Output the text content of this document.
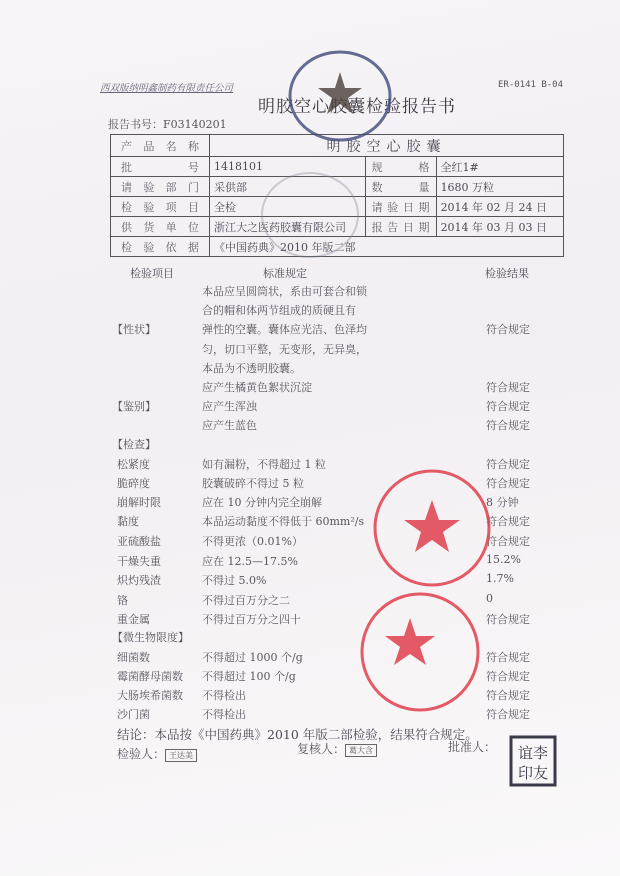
西双版纳明鑫制药有限责任公司	ER-0141 B-04
明胶空心胶囊检验报告书
报告书号：F03140201
产品名称	明胶空心胶囊		
批号	1418101	规格	全红1#
请验部门	采供部	数量	1680 万粒
检验项目	全检	请验日期	2014 年 02 月 24 日
供货单位	浙江大之医药胶囊有限公司	报告日期	2014 年 03 月 03 日
检验依据	《中国药典》2010 年版二部		
检验项目	标准规定	检验结果
本品应呈圆筒状，系由可套合和锁
合的帽和体两节组成的质硬且有
【性状】	弹性的空囊。囊体应光洁、色泽均	符合规定
匀，切口平整，无变形，无异臭，
本品为不透明胶囊。
应产生橘黄色絮状沉淀	符合规定
【鉴别】	应产生浑浊	符合规定
应产生蓝色	符合规定
【检查】
松紧度	如有漏粉，不得超过 1 粒	符合规定
脆碎度	胶囊破碎不得过 5 粒	符合规定
崩解时限	应在 10 分钟内完全崩解	8 分钟
黏度	本品运动黏度不得低于 60mm²/s	符合规定
亚硫酸盐	不得更浓（0.01%）	符合规定
干燥失重	应在 12.5—17.5%	15.2%
炽灼残渣	不得过 5.0%	1.7%
铬	不得过百万分之二	0
重金属	不得过百万分之四十	符合规定
【微生物限度】
细菌数	不得超过 1000 个/g	符合规定
霉菌酵母菌数 不得超过 100 个/g	符合规定
大肠埃希菌数 不得检出	符合规定
沙门菌	不得检出	符合规定
结论：本品按《中国药典》2010 年版二部检验，结果符合规定。
检验人： 王达美	复核人： 葛大含	批准人： 谊李
印友
